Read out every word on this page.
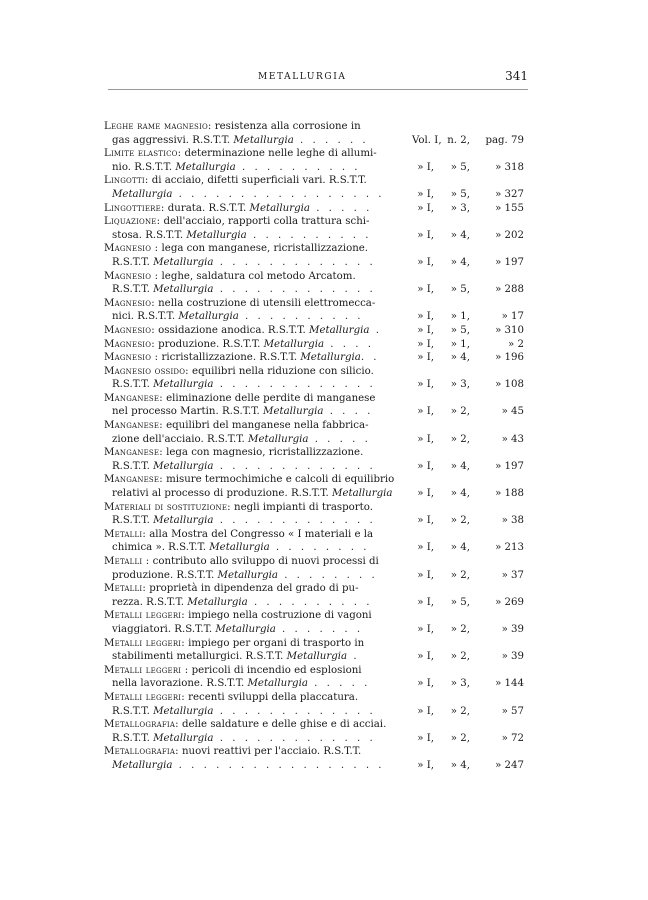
METALLURGIA	341
Leghe rame magnesio: resistenza alla corrosione in
gas aggressivi. R.S.T.T. Metallurgia . . . . . .	Vol. I, n. 2,	pag. 79
Limite elastico: determinazione nelle leghe di allumi-
nio. R.S.T.T. Metallurgia . . . . . . . . . .	» I,	» 5,	» 318
Lingotti: di acciaio, difetti superficiali vari. R.S.T.T.
Metallurgia . . . . . . . . . . . . . . . . .	» I,	» 5,	» 327
Lingottiere: durata. R.S.T.T. Metallurgia . . . . .	» I,	» 3,	» 155
Liquazione: dell'acciaio, rapporti colla trattura schi-
stosa. R.S.T.T. Metallurgia . . . . . . . . . .	» I,	» 4,	» 202
Magnesio : lega con manganese, ricristallizzazione.
R.S.T.T. Metallurgia . . . . . . . . . . . . .	» I,	» 4,	» 197
Magnesio : leghe, saldatura col metodo Arcatom.
R.S.T.T. Metallurgia . . . . . . . . . . . . .	» I,	» 5,	» 288
Magnesio: nella costruzione di utensili elettromecca-
nici. R.S.T.T. Metallurgia . . . . . . . . . .	» I,	» 1,	» 17
Magnesio: ossidazione anodica. R.S.T.T. Metallurgia .	» I,	» 5,	» 310
Magnesio: produzione. R.S.T.T. Metallurgia . . . .	» I,	» 1,	» 2
Magnesio : ricristallizzazione. R.S.T.T. Metallurgia. .	» I,	» 4,	» 196
Magnesio ossido: equilibri nella riduzione con silicio.
R.S.T.T. Metallurgia . . . . . . . . . . . . .	» I,	» 3,	» 108
Manganese: eliminazione delle perdite di manganese
nel processo Martin. R.S.T.T. Metallurgia . . . .	» I,	» 2,	» 45
Manganese: equilibri del manganese nella fabbrica-
zione dell'acciaio. R.S.T.T. Metallurgia . . . . .	» I,	» 2,	» 43
Manganese: lega con magnesio, ricristallizzazione.
R.S.T.T. Metallurgia . . . . . . . . . . . . .	» I,	» 4,	» 197
Manganese: misure termochimiche e calcoli di equilibrio
relativi al processo di produzione. R.S.T.T. Metallurgia	» I,	» 4,	» 188
Materiali di sostituzione: negli impianti di trasporto.
R.S.T.T. Metallurgia . . . . . . . . . . . . .	» I,	» 2,	» 38
Metalli: alla Mostra del Congresso « I materiali e la
chimica ». R.S.T.T. Metallurgia . . . . . . . .	» I,	» 4,	» 213
Metalli : contributo allo sviluppo di nuovi processi di
produzione. R.S.T.T. Metallurgia . . . . . . . .	» I,	» 2,	» 37
Metalli: proprietà in dipendenza del grado di pu-
rezza. R.S.T.T. Metallurgia . . . . . . . . . .	» I,	» 5,	» 269
Metalli leggeri: impiego nella costruzione di vagoni
viaggiatori. R.S.T.T. Metallurgia . . . . . . .	» I,	» 2,	» 39
Metalli leggeri: impiego per organi di trasporto in
stabilimenti metallurgici. R.S.T.T. Metallurgia .	» I,	» 2,	» 39
Metalli leggeri : pericoli di incendio ed esplosioni
nella lavorazione. R.S.T.T. Metallurgia . . . . .	» I,	» 3,	» 144
Metalli leggeri: recenti sviluppi della placcatura.
R.S.T.T. Metallurgia . . . . . . . . . . . . .	» I,	» 2,	» 57
Metallografia: delle saldature e delle ghise e di acciai.
R.S.T.T. Metallurgia . . . . . . . . . . . . .	» I,	» 2,	» 72
Metallografia: nuovi reattivi per l'acciaio. R.S.T.T.
Metallurgia . . . . . . . . . . . . . . . . .	» I,	» 4,	» 247
